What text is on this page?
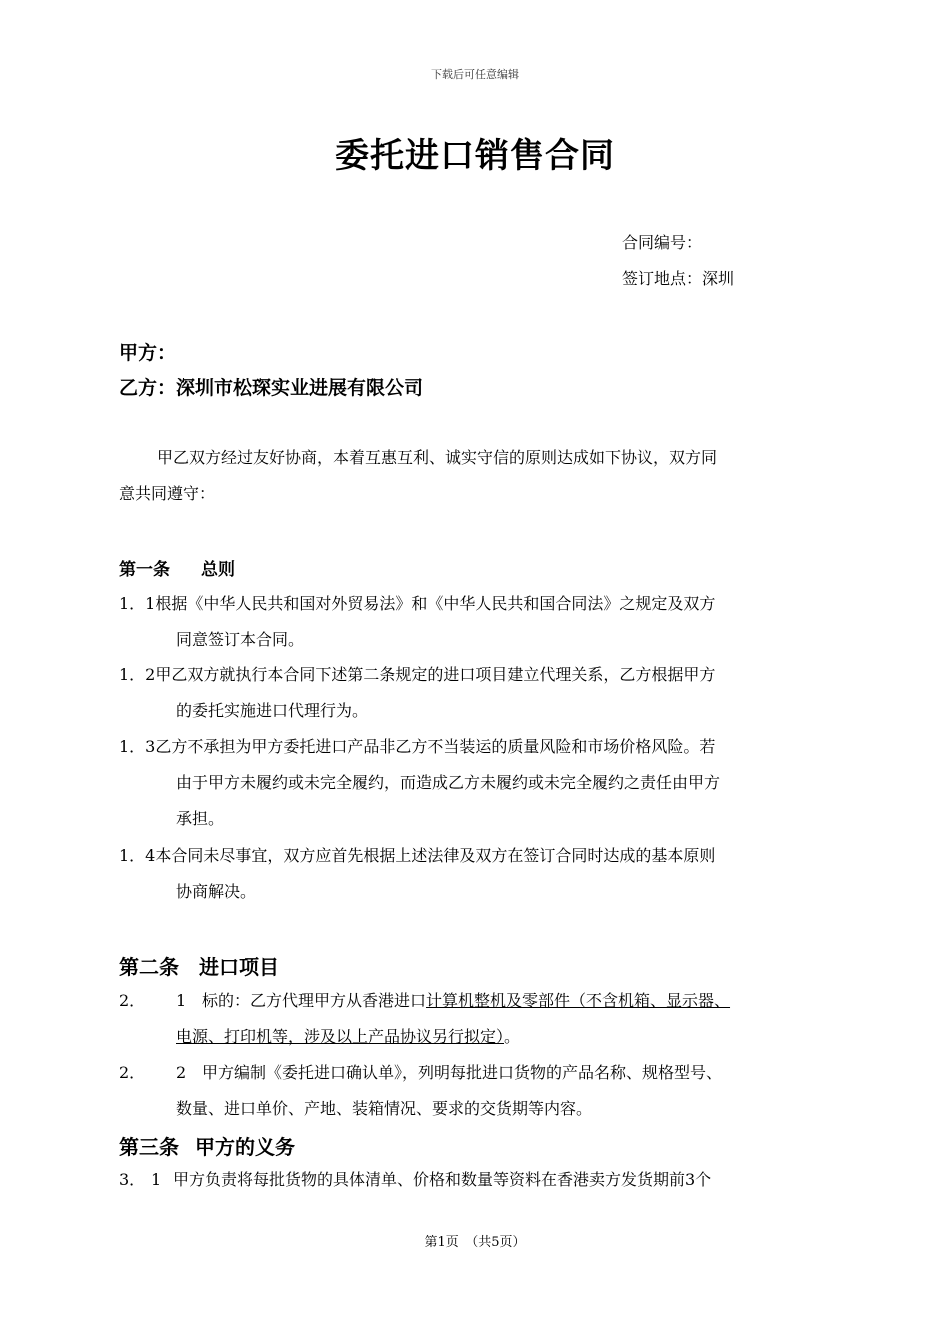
下载后可任意编辑
委托进口销售合同
合同编号：
签订地点：深圳
甲方：
乙方：深圳市松琛实业进展有限公司
甲乙双方经过友好协商，本着互惠互利、诚实守信的原则达成如下协议，双方同
意共同遵守：
第一条 总则
1．1根据《中华人民共和国对外贸易法》和《中华人民共和国合同法》之规定及双方
同意签订本合同。
1．2甲乙双方就执行本合同下述第二条规定的进口项目建立代理关系，乙方根据甲方
的委托实施进口代理行为。
1．3乙方不承担为甲方委托进口产品非乙方不当装运的质量风险和市场价格风险。若
由于甲方未履约或未完全履约，而造成乙方未履约或未完全履约之责任由甲方
承担。
1．4本合同未尽事宜，双方应首先根据上述法律及双方在签订合同时达成的基本原则
协商解决。
第二条 进口项目
2． 1 标的：乙方代理甲方从香港进口计算机整机及零部件（不含机箱、显示器、
电源、打印机等，涉及以上产品协议另行拟定）。
2． 2 甲方编制《委托进口确认单》，列明每批进口货物的产品名称、规格型号、
数量、进口单价、产地、装箱情况、要求的交货期等内容。
第三条 甲方的义务
3． 1 甲方负责将每批货物的具体清单、价格和数量等资料在香港卖方发货期前3个
第1页　（共5页）
